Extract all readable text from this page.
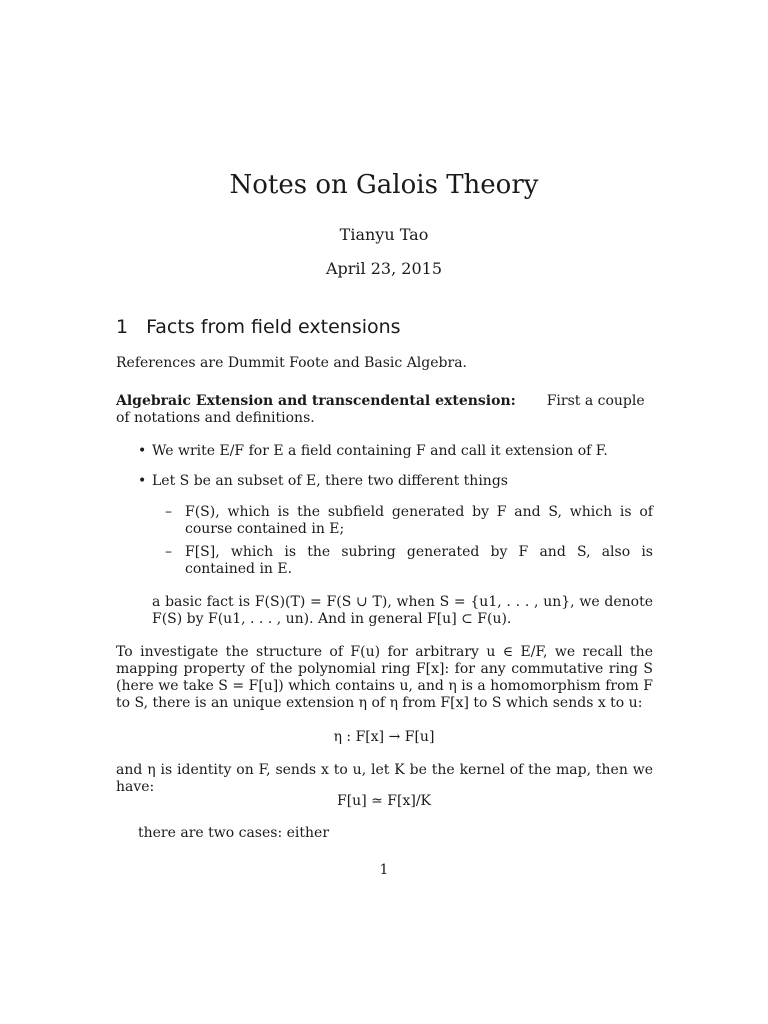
Notes on Galois Theory
Tianyu Tao
April 23, 2015
1 Facts from field extensions
References are Dummit Foote and Basic Algebra.
Algebraic Extension and transcendental extension: First a couple of notations and definitions.
• We write E/F for E a field containing F and call it extension of F.
• Let S be an subset of E, there two different things
– F(S), which is the subfield generated by F and S, which is of course contained in E;
– F[S], which is the subring generated by F and S, also is contained in E.
a basic fact is F(S)(T) = F(S ∪ T), when S = {u1, . . . , un}, we denote F(S) by F(u1, . . . , un). And in general F[u] ⊂ F(u).
To investigate the structure of F(u) for arbitrary u ∈ E/F, we recall the mapping property of the polynomial ring F[x]: for any commutative ring S (here we take S = F[u]) which contains u, and η is a homomorphism from F to S, there is an unique extension η of η from F[x] to S which sends x to u:
η : F[x] → F[u]
and η is identity on F, sends x to u, let K be the kernel of the map, then we have:
F[u] ≃ F[x]/K
there are two cases: either
1
